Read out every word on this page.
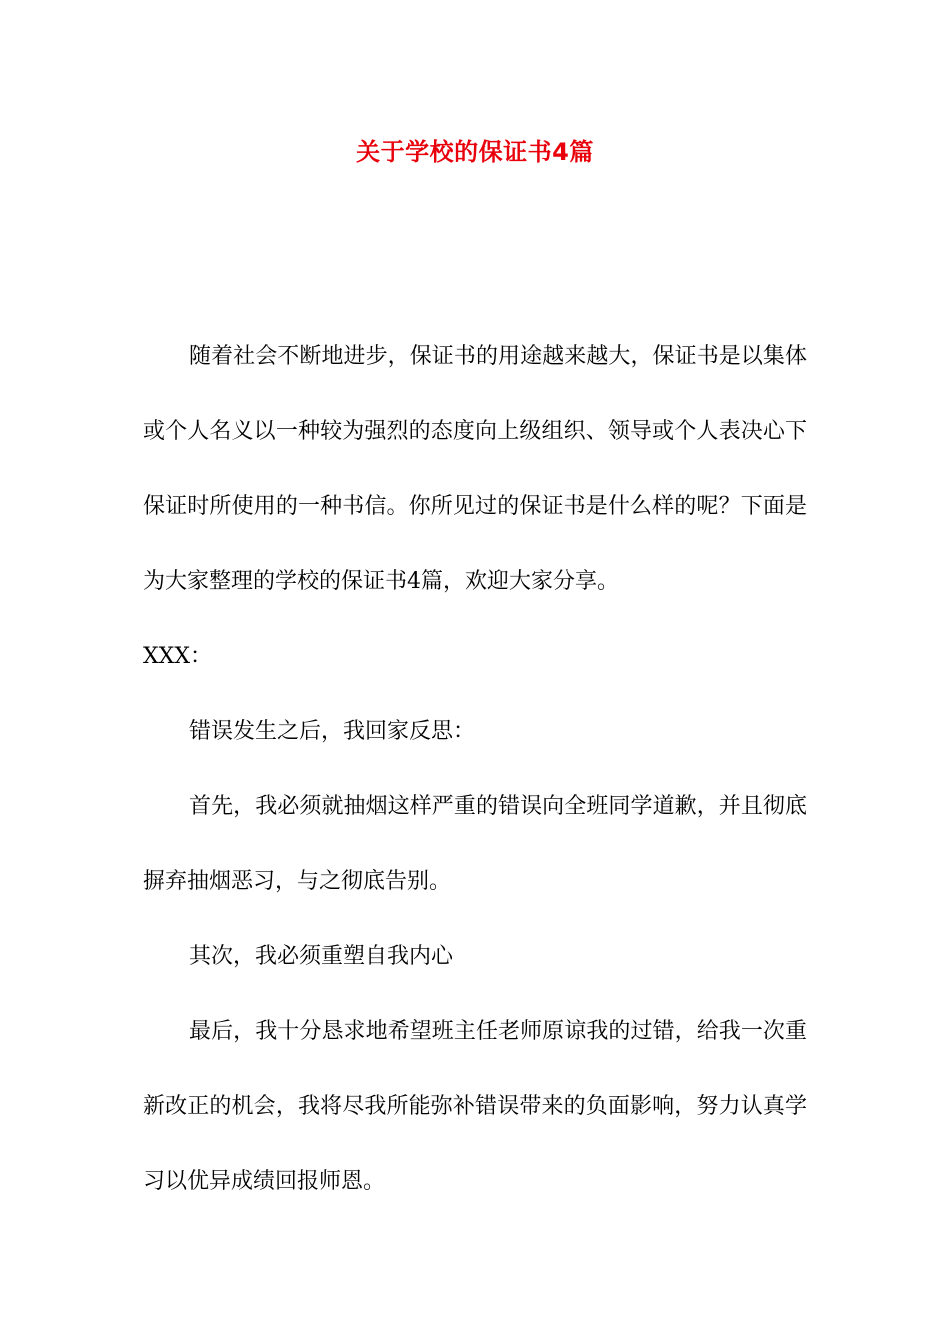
关于学校的保证书4篇

随着社会不断地进步，保证书的用途越来越大，保证书是以集体或个人名义以一种较为强烈的态度向上级组织、领导或个人表决心下保证时所使用的一种书信。你所见过的保证书是什么样的呢？下面是为大家整理的学校的保证书4篇，欢迎大家分享。

XXX：

错误发生之后，我回家反思：

首先，我必须就抽烟这样严重的错误向全班同学道歉，并且彻底摒弃抽烟恶习，与之彻底告别。

其次，我必须重塑自我内心

最后，我十分恳求地希望班主任老师原谅我的过错，给我一次重新改正的机会，我将尽我所能弥补错误带来的负面影响，努力认真学习以优异成绩回报师恩。
